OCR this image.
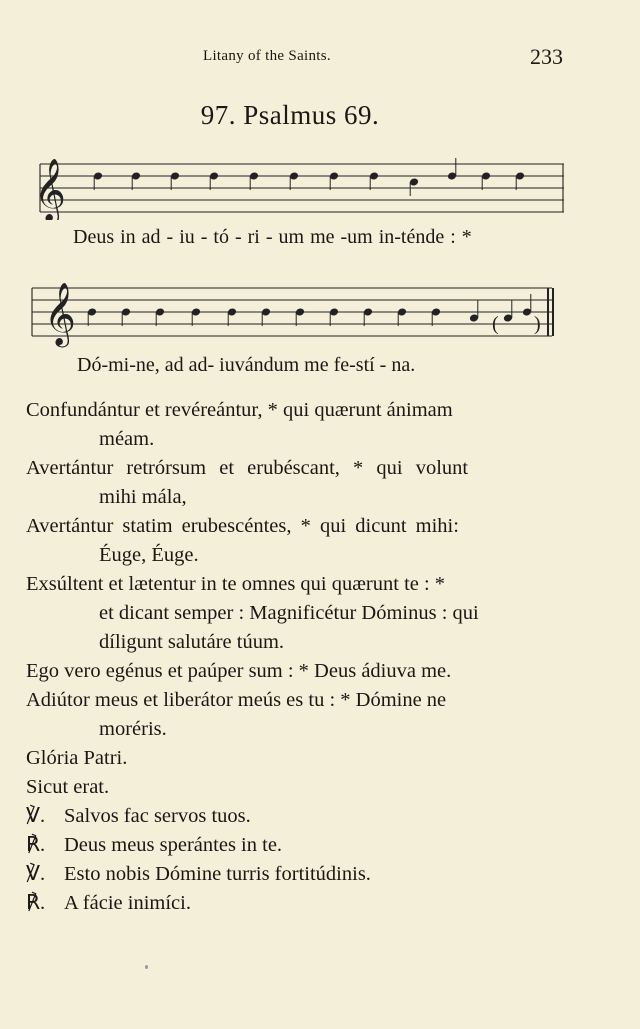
Litany of the Saints.	233
97. Psalmus 69.
𝄞
Deus in ad - iu - tó - ri - um me -um in-ténde : *
𝄞	( )
Dó-mi-ne, ad ad- iuvándum me fe-stí - na.
Confundántur et revéreántur, * qui quærunt ánimam
méam.
Avertántur retrórsum et erubéscant, * qui volunt
mihi mála,
Avertántur statim erubescéntes, * qui dicunt mihi:
Éuge, Éuge.
Exsúltent et lætentur in te omnes qui quærunt te : *
et dicant semper : Magnificétur Dóminus : qui
díligunt salutáre túum.
Ego vero egénus et paúper sum : * Deus ádiuva me.
Adiútor meus et liberátor meús es tu : * Dómine ne
moréris.
Glória Patri.
Sicut erat.
℣. Salvos fac servos tuos.
℟. Deus meus sperántes in te.
℣. Esto nobis Dómine turris fortitúdinis.
℟. A fácie inimíci.
